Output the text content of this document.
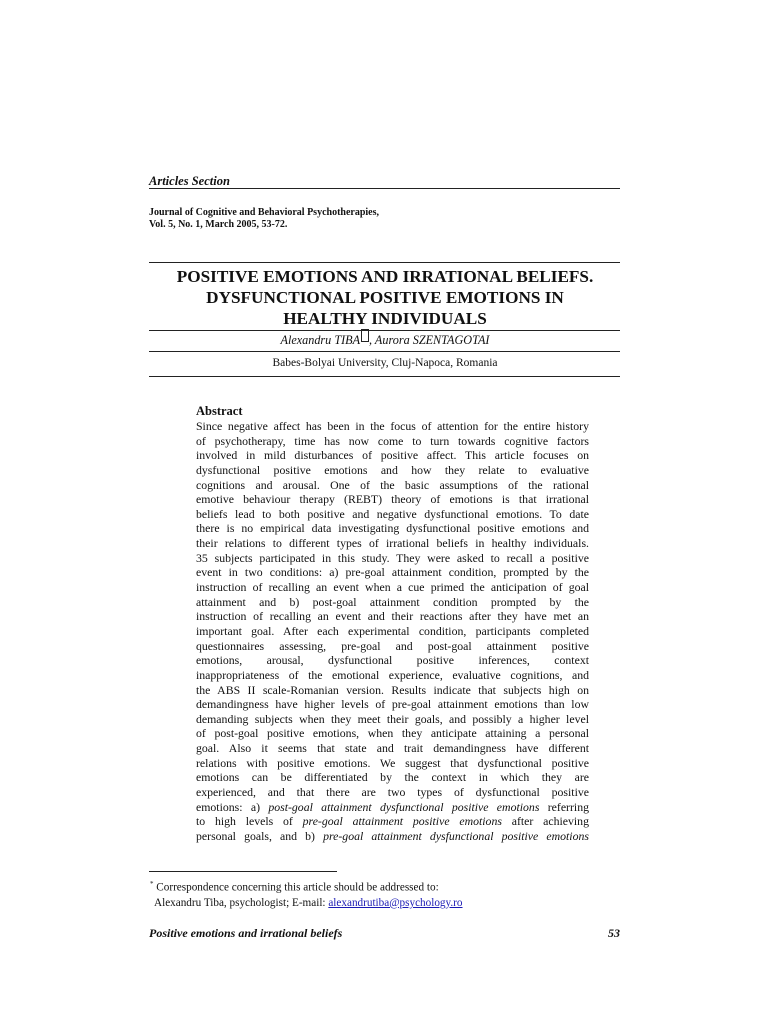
Articles Section
Journal of Cognitive and Behavioral Psychotherapies,
Vol. 5, No. 1, March 2005, 53-72.
POSITIVE EMOTIONS AND IRRATIONAL BELIEFS.
DYSFUNCTIONAL POSITIVE EMOTIONS IN
HEALTHY INDIVIDUALS
Alexandru TIBA , Aurora SZENTAGOTAI
Babes-Bolyai University, Cluj-Napoca, Romania
Abstract
Since negative affect has been in the focus of attention for the entire history
of psychotherapy, time has now come to turn towards cognitive factors
involved in mild disturbances of positive affect. This article focuses on
dysfunctional positive emotions and how they relate to evaluative
cognitions and arousal. One of the basic assumptions of the rational
emotive behaviour therapy (REBT) theory of emotions is that irrational
beliefs lead to both positive and negative dysfunctional emotions. To date
there is no empirical data investigating dysfunctional positive emotions and
their relations to different types of irrational beliefs in healthy individuals.
35 subjects participated in this study. They were asked to recall a positive
event in two conditions: a) pre-goal attainment condition, prompted by the
instruction of recalling an event when a cue primed the anticipation of goal
attainment and b) post-goal attainment condition prompted by the
instruction of recalling an event and their reactions after they have met an
important goal. After each experimental condition, participants completed
questionnaires assessing, pre-goal and post-goal attainment positive
emotions, arousal, dysfunctional positive inferences, context
inappropriateness of the emotional experience, evaluative cognitions, and
the ABS II scale-Romanian version. Results indicate that subjects high on
demandingness have higher levels of pre-goal attainment emotions than low
demanding subjects when they meet their goals, and possibly a higher level
of post-goal positive emotions, when they anticipate attaining a personal
goal. Also it seems that state and trait demandingness have different
relations with positive emotions. We suggest that dysfunctional positive
emotions can be differentiated by the context in which they are
experienced, and that there are two types of dysfunctional positive
emotions: a) post-goal attainment dysfunctional positive emotions referring
to high levels of pre-goal attainment positive emotions after achieving
personal goals, and b) pre-goal attainment dysfunctional positive emotions
* Correspondence concerning this article should be addressed to:
Alexandru Tiba, psychologist; E-mail: alexandrutiba@psychology.ro
Positive emotions and irrational beliefs	53
